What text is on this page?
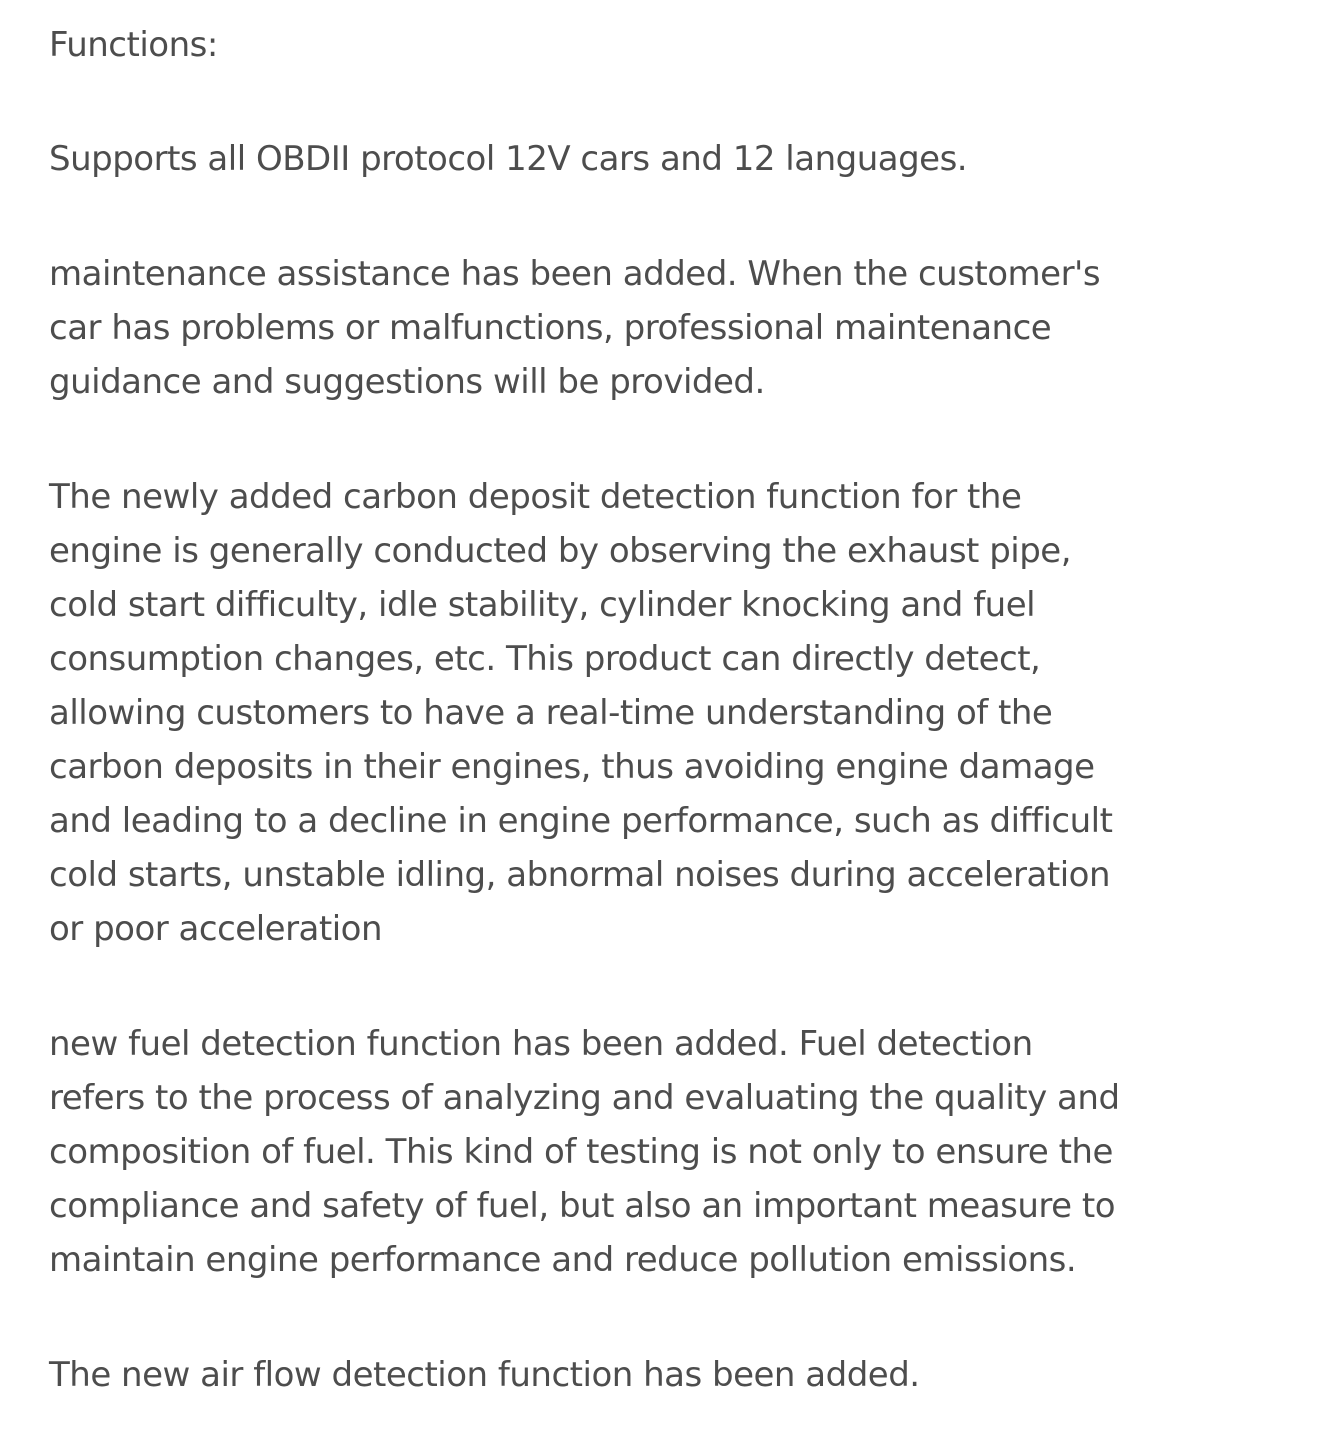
Functions:
Supports all OBDII protocol 12V cars and 12 languages.
maintenance assistance has been added. When the customer's
car has problems or malfunctions, professional maintenance
guidance and suggestions will be provided.
The newly added carbon deposit detection function for the
engine is generally conducted by observing the exhaust pipe,
cold start difficulty, idle stability, cylinder knocking and fuel
consumption changes, etc. This product can directly detect,
allowing customers to have a real-time understanding of the
carbon deposits in their engines, thus avoiding engine damage
and leading to a decline in engine performance, such as difficult
cold starts, unstable idling, abnormal noises during acceleration
or poor acceleration
new fuel detection function has been added. Fuel detection
refers to the process of analyzing and evaluating the quality and
composition of fuel. This kind of testing is not only to ensure the
compliance and safety of fuel, but also an important measure to
maintain engine performance and reduce pollution emissions.
The new air flow detection function has been added.
